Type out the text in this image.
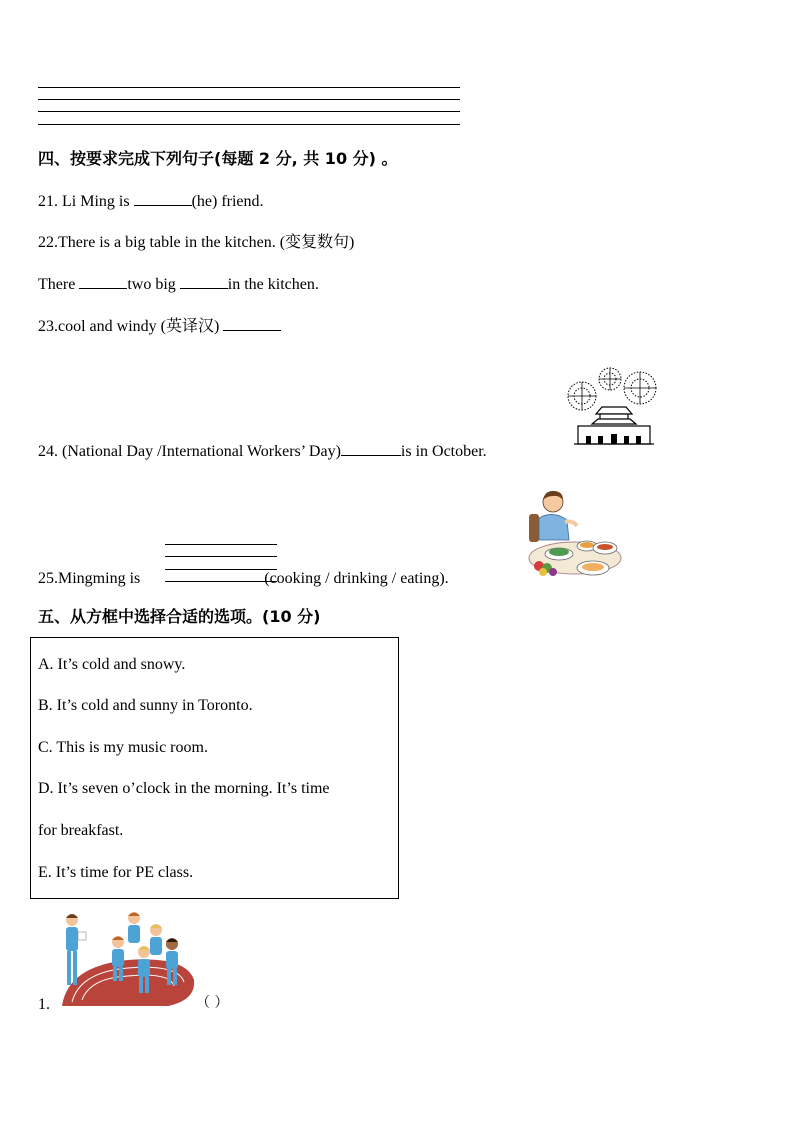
四、按要求完成下列句子(每题 2 分, 共 10 分) 。
21. Li Ming is	(he) friend.
22.There is a big table in the kitchen. (变复数句)
There	two big	in the kitchen.
23.cool and windy (英译汉)
24. (National Day /International Workers’ Day)	is in October.
25.Mingming is	(cooking / drinking / eating).
五、从方框中选择合适的选项。(10 分)
A. It’s cold and snowy.
B. It’s cold and sunny in Toronto.
C. This is my music room.
D. It’s seven o’clock in the morning. It’s time
for breakfast.
E. It’s time for PE class.
1.	（ ）
